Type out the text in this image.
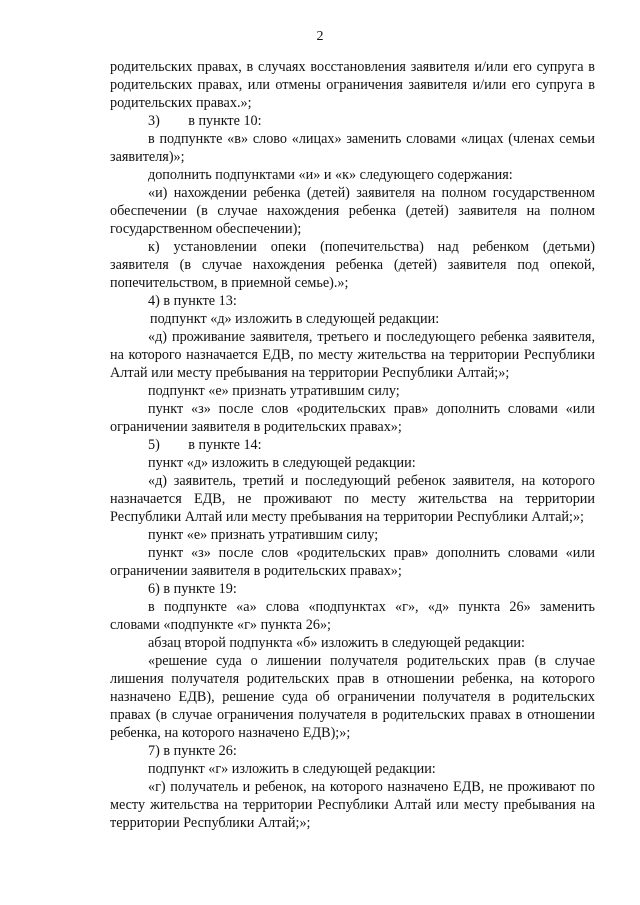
2

родительских правах, в случаях восстановления заявителя и/или его супруга в родительских правах, или отмены ограничения заявителя и/или его супруга в родительских правах.»;

3)        в пункте 10:

в подпункте «в» слово «лицах» заменить словами «лицах (членах семьи заявителя)»;

дополнить подпунктами «и» и «к» следующего содержания:

«и) нахождении ребенка (детей) заявителя на полном государственном обеспечении (в случае нахождения ребенка (детей) заявителя на полном государственном обеспечении);

к) установлении опеки (попечительства) над ребенком (детьми) заявителя (в случае нахождения ребенка (детей) заявителя под опекой, попечительством, в приемной семье).»;

4) в пункте 13:

подпункт «д» изложить в следующей редакции:

«д) проживание заявителя, третьего и последующего ребенка заявителя, на которого назначается ЕДВ, по месту жительства на территории Республики Алтай или месту пребывания на территории Республики Алтай;»;

подпункт «е» признать утратившим силу;

пункт «з» после слов «родительских прав» дополнить словами «или ограничении заявителя в родительских правах»;

5)        в пункте 14:

пункт «д» изложить в следующей редакции:

«д) заявитель, третий и последующий ребенок заявителя, на которого назначается ЕДВ, не проживают по месту жительства на территории Республики Алтай или месту пребывания на территории Республики Алтай;»;

пункт «е» признать утратившим силу;

пункт «з» после слов «родительских прав» дополнить словами «или ограничении заявителя в родительских правах»;

6) в пункте 19:

в подпункте «а» слова «подпунктах «г», «д» пункта 26» заменить словами «подпункте «г» пункта 26»;

абзац второй подпункта «б» изложить в следующей редакции:

«решение суда о лишении получателя родительских прав (в случае лишения получателя родительских прав в отношении ребенка, на которого назначено ЕДВ), решение суда об ограничении получателя в родительских правах (в случае ограничения получателя в родительских правах в отношении ребенка, на которого назначено ЕДВ);»;

7) в пункте 26:

подпункт «г» изложить в следующей редакции:

«г) получатель и ребенок, на которого назначено ЕДВ, не проживают по месту жительства на территории Республики Алтай или месту пребывания на территории Республики Алтай;»;
